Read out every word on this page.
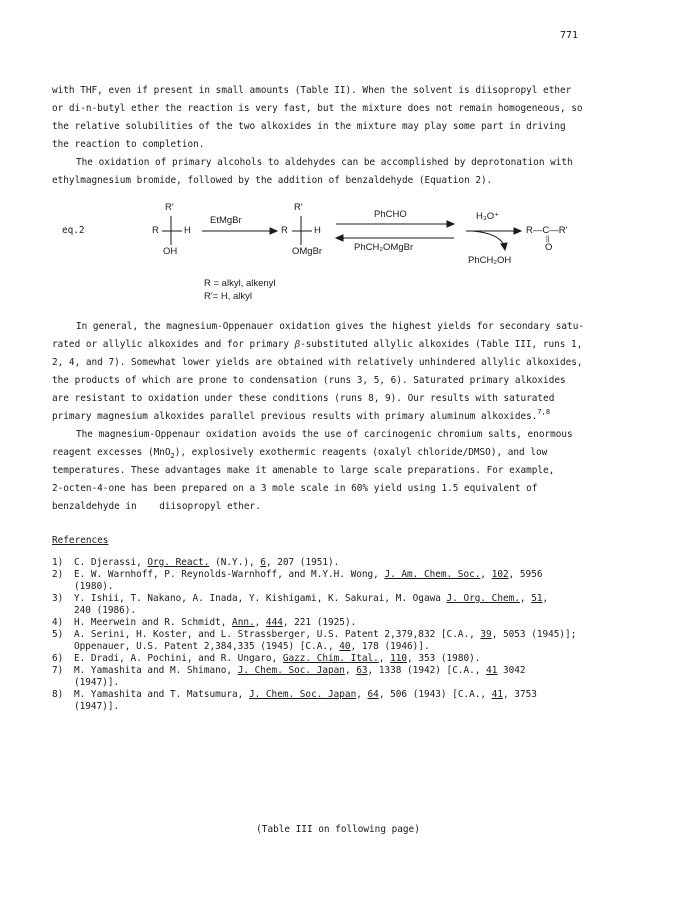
771
with THF, even if present in small amounts (Table II). When the solvent is diisopropyl ether
or di-n-butyl ether the reaction is very fast, but the mixture does not remain homogeneous, so
the relative solubilities of the two alkoxides in the mixture may play some part in driving
the reaction to completion.
The oxidation of primary alcohols to aldehydes can be accomplished by deprotonation with
ethylmagnesium bromide, followed by the addition of benzaldehyde (Equation 2).
eq.2
R'
R	H
OH
EtMgBr
R'
R	H
OMgBr
PhCHO
PhCH₂OMgBr
H₃O⁺
R—C—R'
||
O
PhCH₂OH
R = alkyl, alkenyl
R'= H, alkyl
In general, the magnesium-Oppenauer oxidation gives the highest yields for secondary satu-
rated or allylic alkoxides and for primary β-substituted allylic alkoxides (Table III, runs 1,
2, 4, and 7). Somewhat lower yields are obtained with relatively unhindered allylic alkoxides,
the products of which are prone to condensation (runs 3, 5, 6). Saturated primary alkoxides
are resistant to oxidation under these conditions (runs 8, 9). Our results with saturated
primary magnesium alkoxides parallel previous results with primary aluminum alkoxides.$^{7,8}$
The magnesium-Oppenaur oxidation avoids the use of carcinogenic chromium salts, enormous
reagent excesses (MnO$_2$), explosively exothermic reagents (oxalyl chloride/DMSO), and low
temperatures. These advantages make it amenable to large scale preparations. For example,
2-octen-4-one has been prepared on a 3 mole scale in 60% yield using 1.5 equivalent of
benzaldehyde in    diisopropyl ether.
References
1)	C. Djerassi, Org. React. (N.Y.), 6, 207 (1951).
2)	E. W. Warnhoff, P. Reynolds-Warnhoff, and M.Y.H. Wong, J. Am. Chem. Soc., 102, 5956
(1980).
3)	Y. Ishii, T. Nakano, A. Inada, Y. Kishigami, K. Sakurai, M. Ogawa J. Org. Chem., 51,
240 (1986).
4)	H. Meerwein and R. Schmidt, Ann., 444, 221 (1925).
5)	A. Serini, H. Koster, and L. Strassberger, U.S. Patent 2,379,832 [C.A., 39, 5053 (1945)];
Oppenauer, U.S. Patent 2,384,335 (1945) [C.A., 40, 178 (1946)].
6)	E. Dradi, A. Pochini, and R. Ungaro, Gazz. Chim. Ital., 110, 353 (1980).
7)	M. Yamashita and M. Shimano, J. Chem. Soc. Japan, 63, 1338 (1942) [C.A., 41 3042
(1947)].
8)	M. Yamashita and T. Matsumura, J. Chem. Soc. Japan, 64, 506 (1943) [C.A., 41, 3753
(1947)].
(Table III on following page)
